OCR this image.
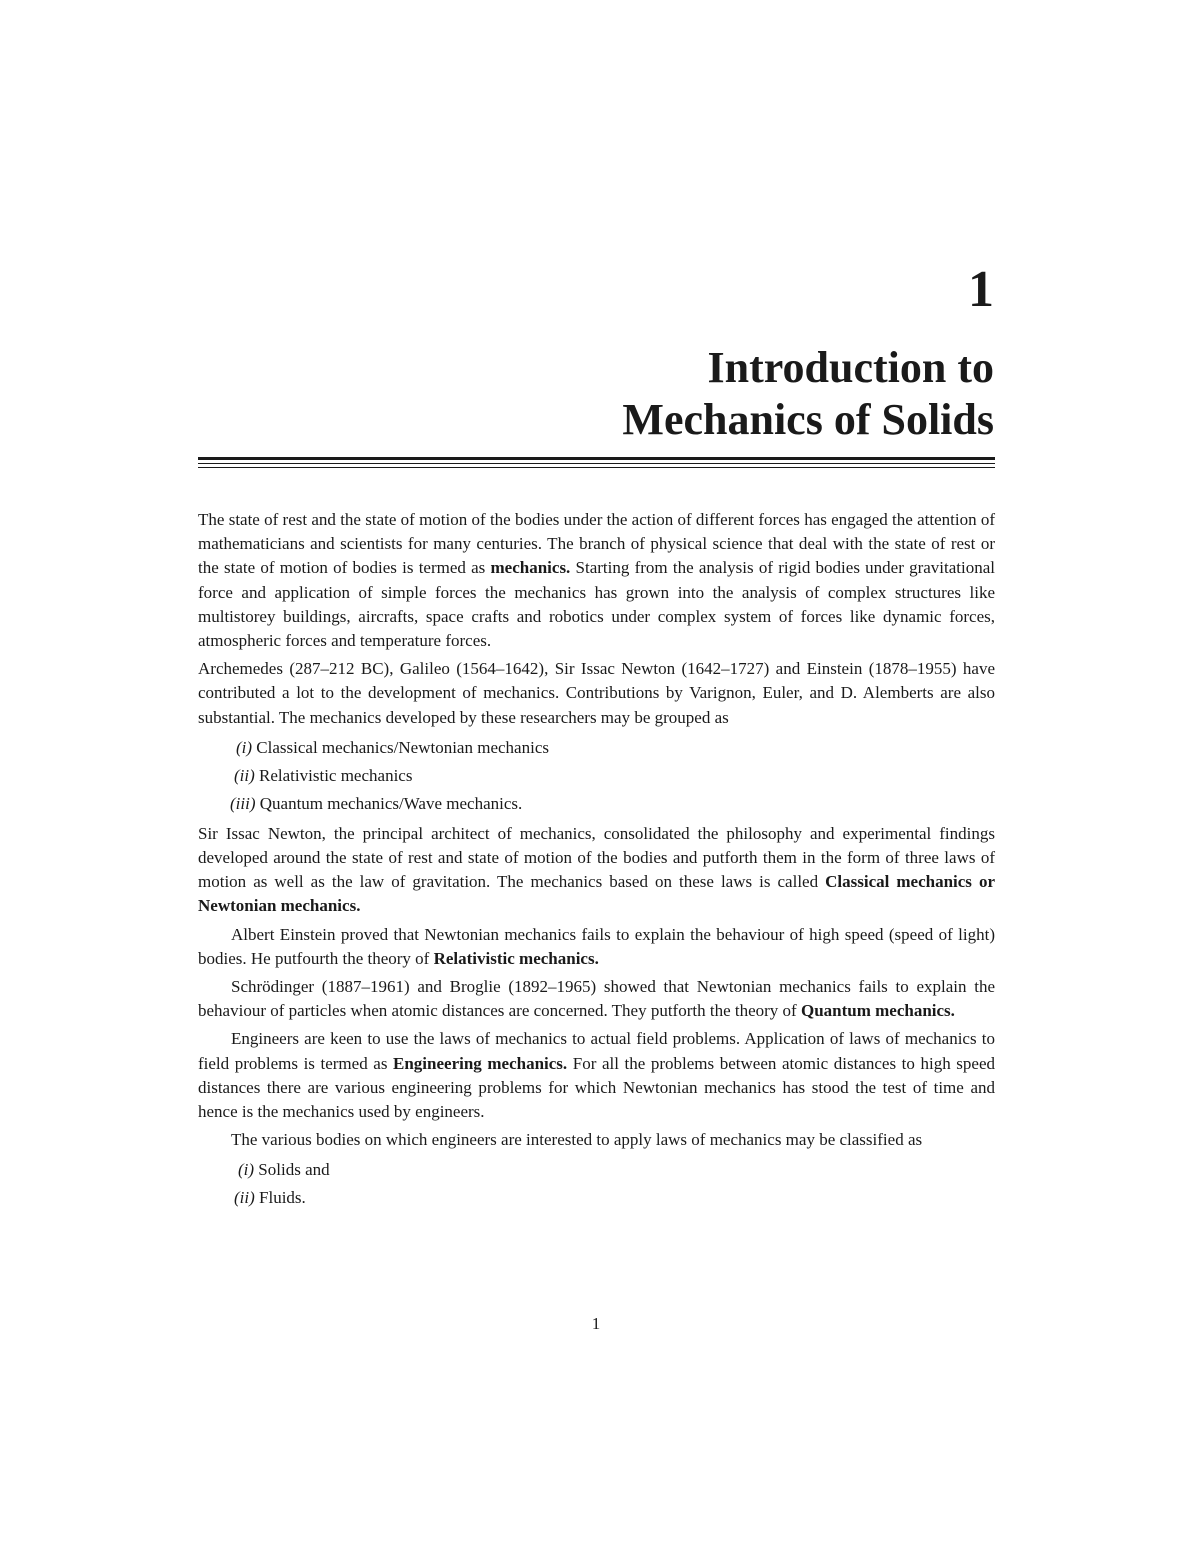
1
Introduction to
Mechanics of Solids

The state of rest and the state of motion of the bodies under the action of different forces has engaged the attention of mathematicians and scientists for many centuries. The branch of physical science that deal with the state of rest or the state of motion of bodies is termed as mechanics. Starting from the analysis of rigid bodies under gravitational force and application of simple forces the mechanics has grown into the analysis of complex structures like multistorey buildings, aircrafts, space crafts and robotics under complex system of forces like dynamic forces, atmospheric forces and temperature forces.

Archemedes (287–212 BC), Galileo (1564–1642), Sir Issac Newton (1642–1727) and Einstein (1878–1955) have contributed a lot to the development of mechanics. Contributions by Varignon, Euler, and D. Alemberts are also substantial. The mechanics developed by these researchers may be grouped as

(i) Classical mechanics/Newtonian mechanics
(ii) Relativistic mechanics
(iii) Quantum mechanics/Wave mechanics.

Sir Issac Newton, the principal architect of mechanics, consolidated the philosophy and experimental findings developed around the state of rest and state of motion of the bodies and putforth them in the form of three laws of motion as well as the law of gravitation. The mechanics based on these laws is called Classical mechanics or Newtonian mechanics.

Albert Einstein proved that Newtonian mechanics fails to explain the behaviour of high speed (speed of light) bodies. He putfourth the theory of Relativistic mechanics.

Schrödinger (1887–1961) and Broglie (1892–1965) showed that Newtonian mechanics fails to explain the behaviour of particles when atomic distances are concerned. They putforth the theory of Quantum mechanics.

Engineers are keen to use the laws of mechanics to actual field problems. Application of laws of mechanics to field problems is termed as Engineering mechanics. For all the problems between atomic distances to high speed distances there are various engineering problems for which Newtonian mechanics has stood the test of time and hence is the mechanics used by engineers.

The various bodies on which engineers are interested to apply laws of mechanics may be classified as

(i) Solids and
(ii) Fluids.
1
